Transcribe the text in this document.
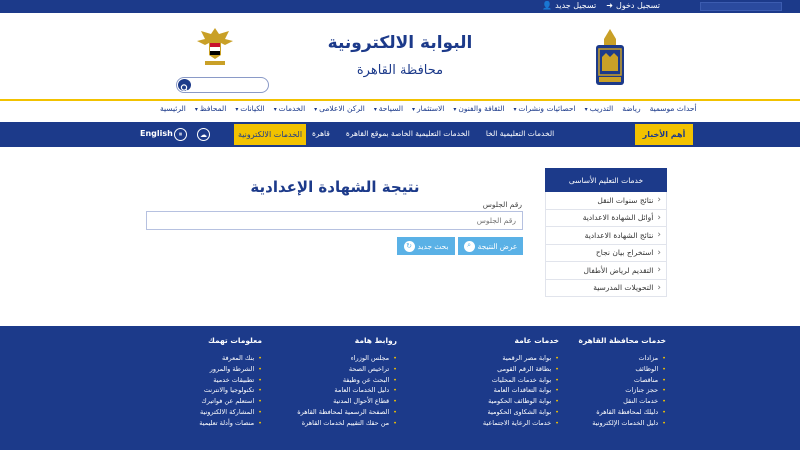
👤 تسجيل جديد ➜ تسجيل دخول
البوابة الالكترونية
محافظة القاهرة
الرئيسية	المحافظ ▾	الكيانات ▾	الخدمات ▾	الركن الاعلامى ▾	السياحة ▾	الاستثمار ▾	الثقافة والفنون ▾	احصائيات ونشرات ▾	التدريب ▾ رياضة أحداث موسمية
أهم الأخبار
قاهرة الخدمات التعليمية الخاصة بموقع القاهرة الخدمات التعليمية الخا
الخدمات الالكترونية
☁
⏸
English
نتيجة الشهادة الإعدادية
رقم الجلوس
رقم الجلوس
عرض النتيجة
⌕
بحث جديد
↻
خدمات التعليم الأساسى
‹ نتائج سنوات النقل
‹ أوائل الشهادة الاعدادية
‹ نتائج الشهادة الاعدادية
‹ استخراج بيان نجاح
‹ التقديم لرياض الأطفال
‹ التحويلات المدرسية
خدمات محافظة القاهرة
• مزادات
• الوظائف
• مناقصات
• حجز جنازات
• خدمات النقل
• دليلك لمحافظة القاهرة
• دليل الخدمات الإلكترونية
خدمات عامة
• بوابة مصر الرقمية
• بطاقة الرقم القومى
• بوابة خدمات المحليات
• بوابة التعاقدات العامة
• بوابة الوظائف الحكومية
• بوابة الشكاوى الحكومية
• خدمات الرعاية الاجتماعية
روابط هامة
• مجلس الوزراء
• تراخيص الصحة
• البحث عن وظيفة
• دليل الخدمات العامة
• قطاع الأحوال المدنية
• الصفحة الرسمية لمحافظة القاهرة
• من حقك التقييم لخدمات القاهرة
معلومات تهمك
• بنك المعرفة
• الشرطة والمرور
• تطبيقات خدمية
• تكنولوجيا والانترنت
• استعلم عن فواتيرك
• المشاركة الالكترونية
• منصات وأدلة تعليمية
